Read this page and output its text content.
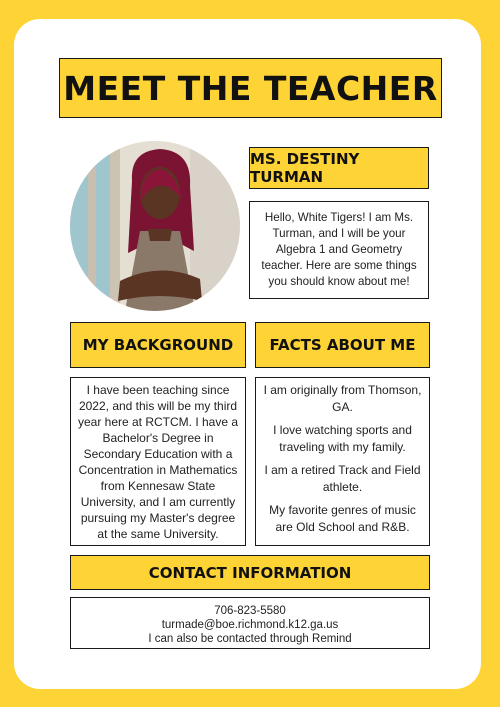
MEET THE TEACHER
MS. DESTINY TURMAN
Hello, White Tigers! I am Ms. Turman, and I will be your Algebra 1 and Geometry teacher. Here are some things you should know about me!
MY BACKGROUND FACTS ABOUT ME
I have been teaching since 2022, and this will be my third year here at RCTCM. I have a Bachelor's Degree in Secondary Education with a Concentration in Mathematics from Kennesaw State University, and I am currently pursuing my Master's degree at the same University.

I am originally from Thomson, GA.

I love watching sports and traveling with my family.

I am a retired Track and Field athlete.

My favorite genres of music are Old School and R&B.

CONTACT INFORMATION
706-823-5580
turmade@boe.richmond.k12.ga.us
I can also be contacted through Remind
